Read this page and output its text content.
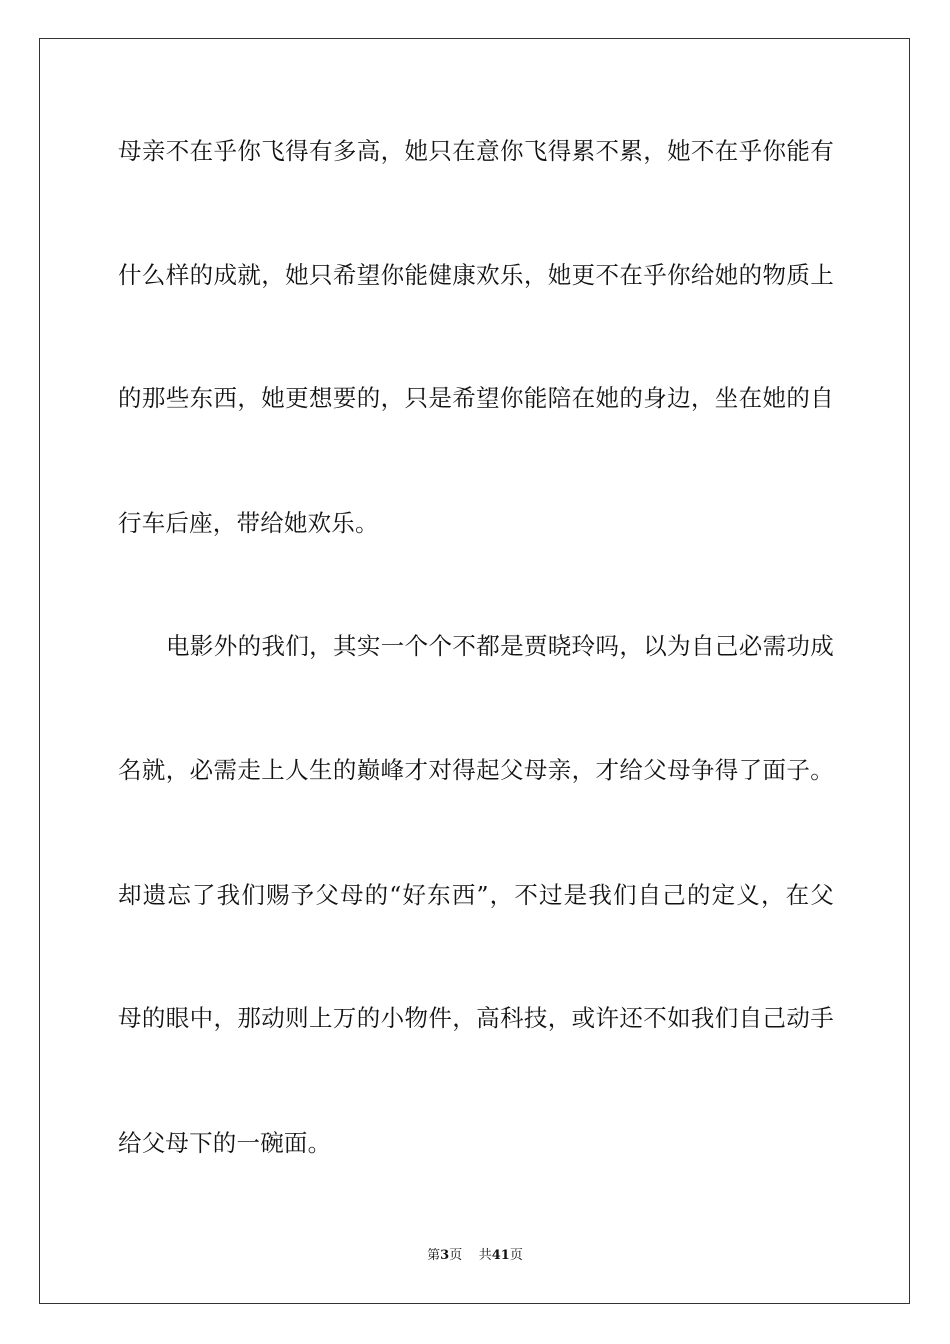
母亲不在乎你飞得有多高，她只在意你飞得累不累，她不在乎你能有
什么样的成就，她只希望你能健康欢乐，她更不在乎你给她的物质上
的那些东西，她更想要的，只是希望你能陪在她的身边，坐在她的自
行车后座，带给她欢乐。
电影外的我们，其实一个个不都是贾晓玲吗，以为自己必需功成
名就，必需走上人生的巅峰才对得起父母亲，才给父母争得了面子。
却遗忘了我们赐予父母的“好东西”，不过是我们自己的定义，在父
母的眼中，那动则上万的小物件，高科技，或许还不如我们自己动手
给父母下的一碗面。
第3页 共41页
